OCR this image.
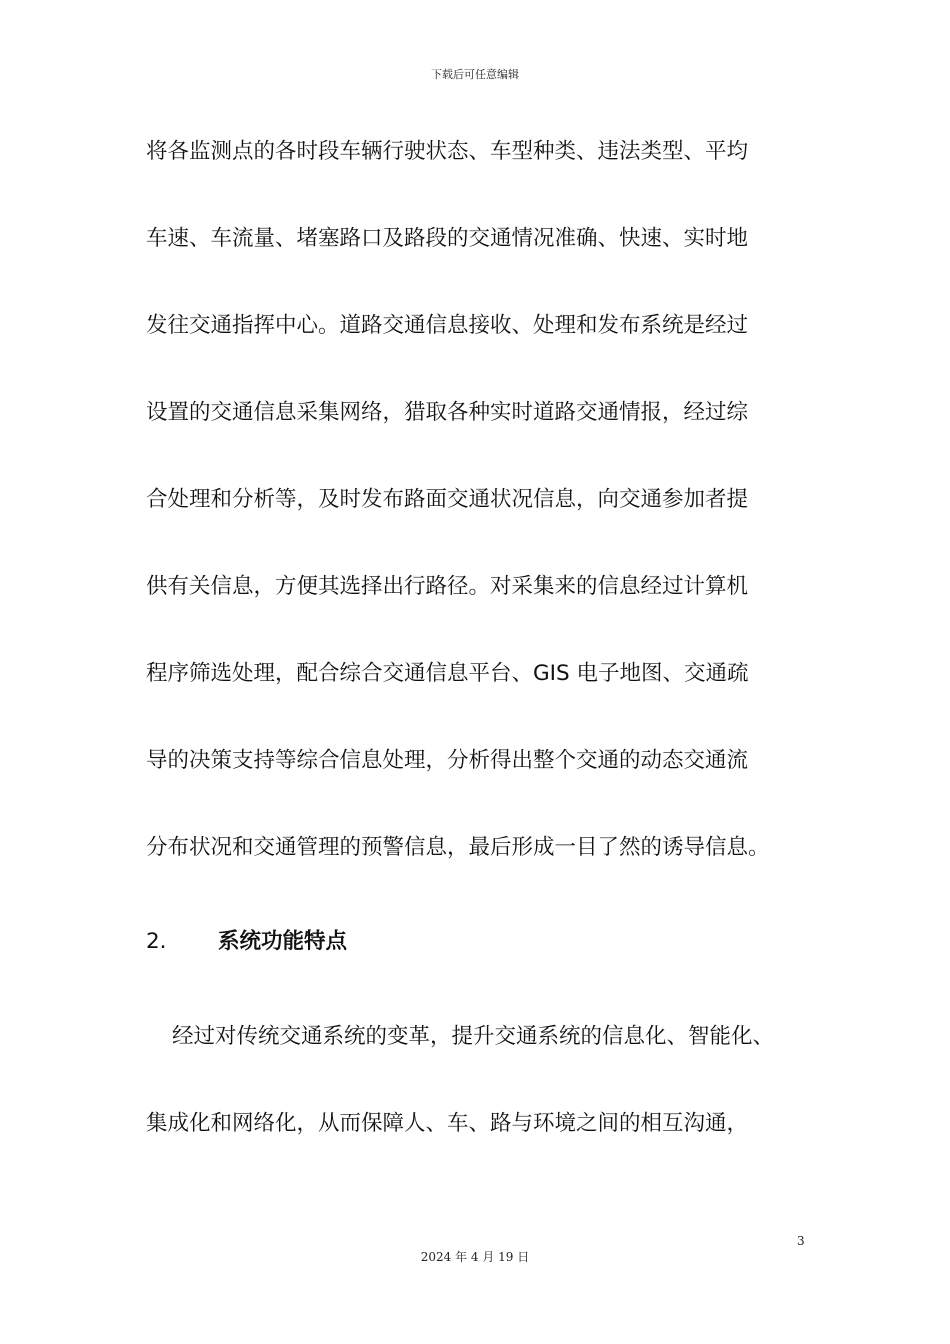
下载后可任意编辑
将各监测点的各时段车辆行驶状态、车型种类、违法类型、平均
车速、车流量、堵塞路口及路段的交通情况准确、快速、实时地
发往交通指挥中心。道路交通信息接收、处理和发布系统是经过
设置的交通信息采集网络，猎取各种实时道路交通情报，经过综
合处理和分析等，及时发布路面交通状况信息，向交通参加者提
供有关信息，方便其选择出行路径。对采集来的信息经过计算机
程序筛选处理，配合综合交通信息平台、GIS 电子地图、交通疏
导的决策支持等综合信息处理，分析得出整个交通的动态交通流
分布状况和交通管理的预警信息，最后形成一目了然的诱导信息。
2. 系统功能特点
经过对传统交通系统的变革，提升交通系统的信息化、智能化、
集成化和网络化，从而保障人、车、路与环境之间的相互沟通，
3
2024 年 4 月 19 日
